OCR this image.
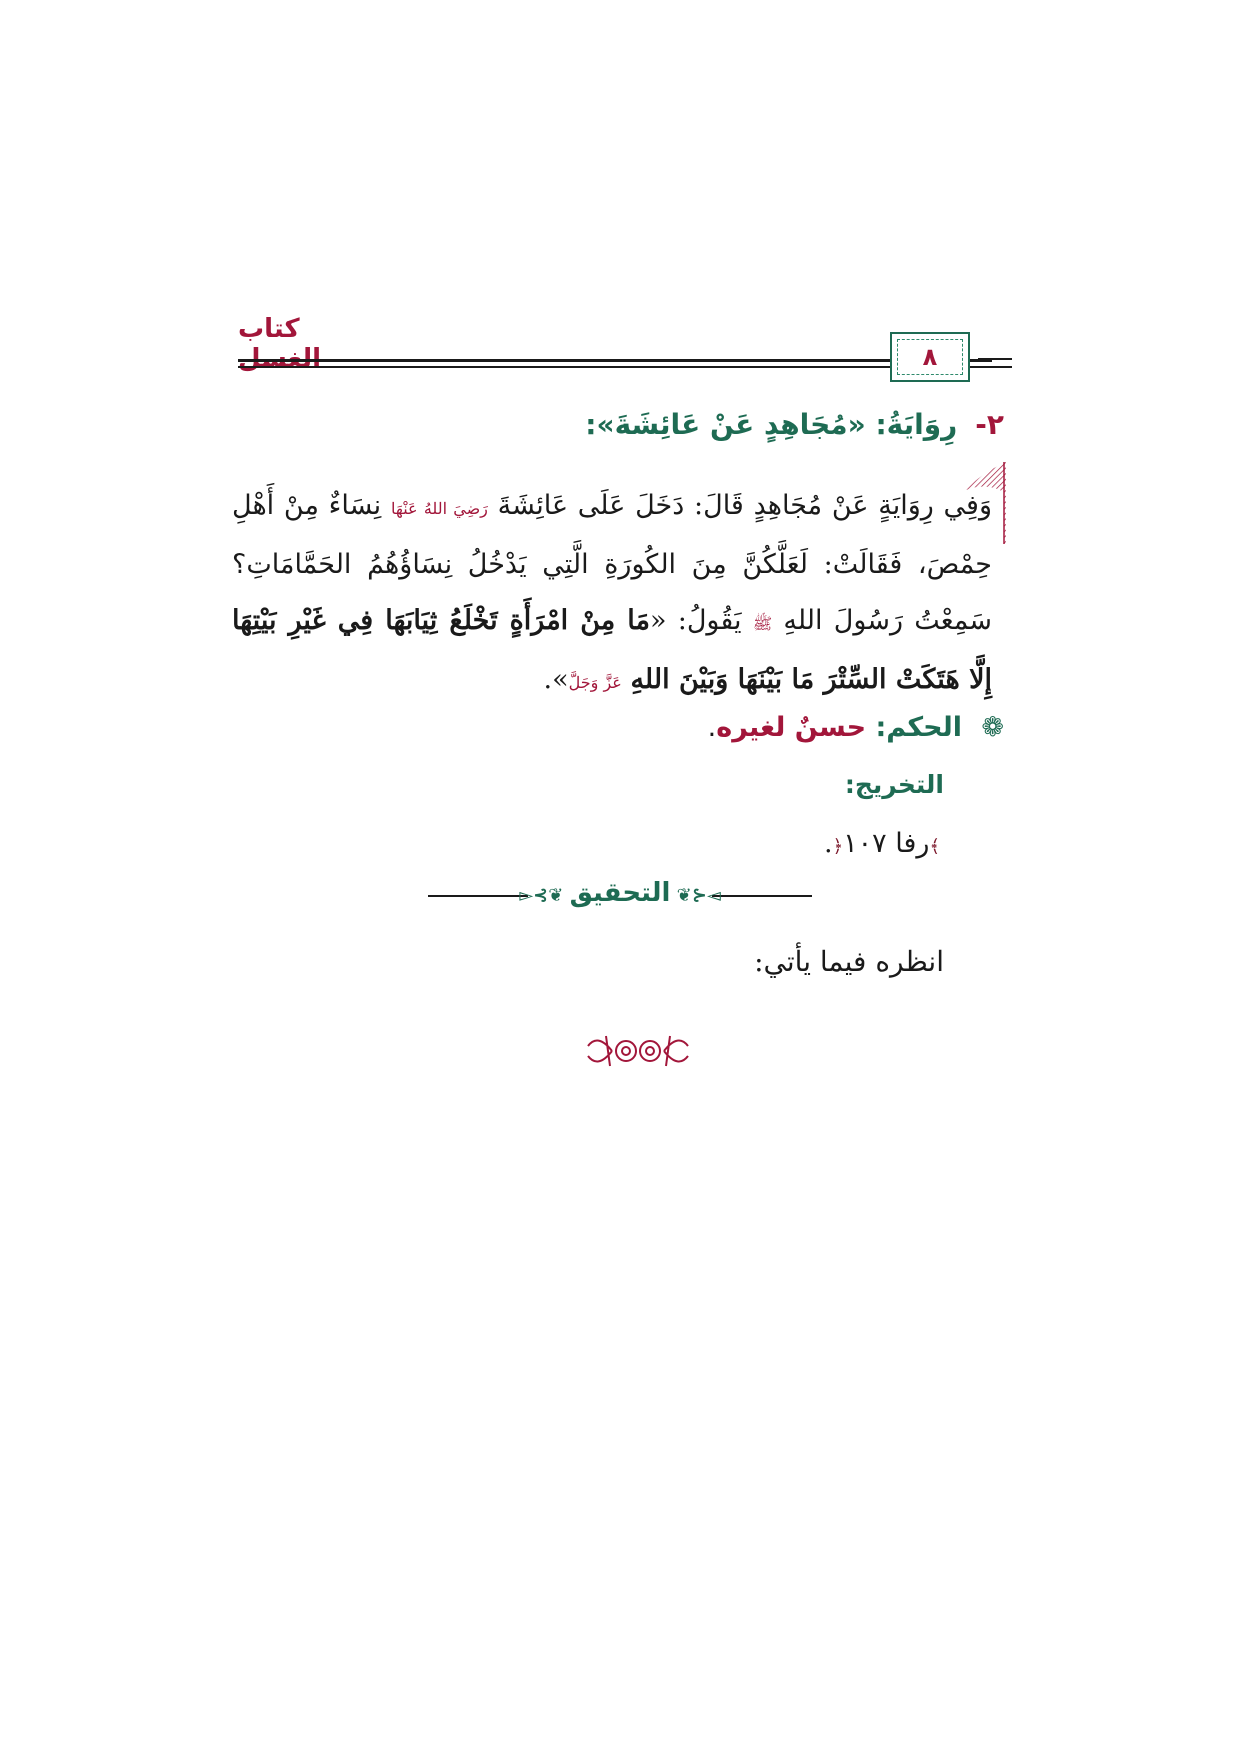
كتاب الغسل	٨
٢-رِوَايَةُ: «مُجَاهِدٍ عَنْ عَائِشَةَ»:
وَفِي رِوَايَةٍ عَنْ مُجَاهِدٍ قَالَ: دَخَلَ عَلَى عَائِشَةَ رَضِيَ اللهُ عَنْهَا نِسَاءٌ مِنْ أَهْلِ حِمْصَ، فَقَالَتْ: لَعَلَّكُنَّ مِنَ الكُورَةِ الَّتِي يَدْخُلُ نِسَاؤُهُمُ الحَمَّامَاتِ؟ سَمِعْتُ رَسُولَ اللهِ ﷺ يَقُولُ: «مَا مِنْ امْرَأَةٍ تَخْلَعُ ثِيَابَهَا فِي غَيْرِ بَيْتِهَا إِلَّا هَتَكَتْ السِّتْرَ مَا بَيْنَهَا وَبَيْنَ اللهِ عَزَّ وَجَلَّ».
❁ الحكم: حسنٌ لغيره.
التخريج:
﴾رفا ١٠٧﴿.
◅⊰❦ التحقيق ❦⊱▻
انظره فيما يأتي:
